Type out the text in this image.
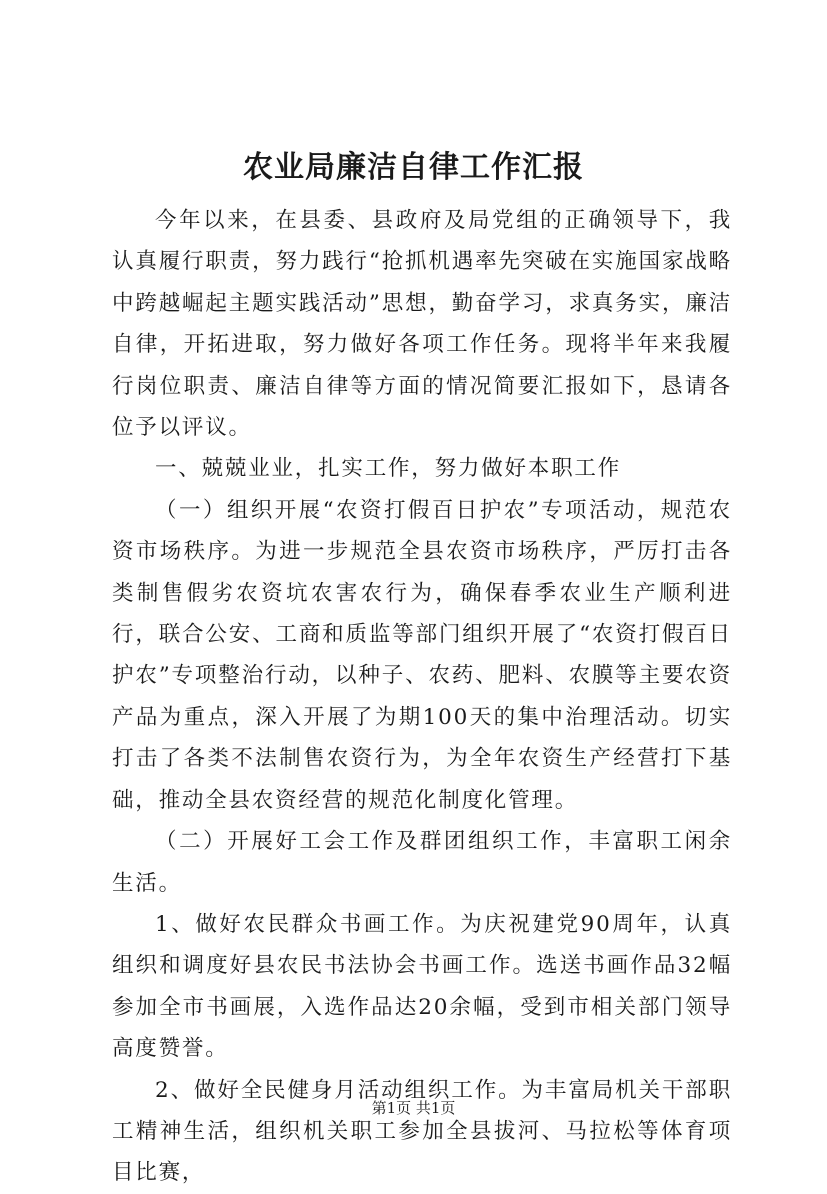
农业局廉洁自律工作汇报

今年以来，在县委、县政府及局党组的正确领导下，我认真履行职责，努力践行“抢抓机遇率先突破在实施国家战略中跨越崛起主题实践活动”思想，勤奋学习，求真务实，廉洁自律，开拓进取，努力做好各项工作任务。现将半年来我履行岗位职责、廉洁自律等方面的情况简要汇报如下，恳请各位予以评议。

一、兢兢业业，扎实工作，努力做好本职工作

（一）组织开展“农资打假百日护农”专项活动，规范农资市场秩序。为进一步规范全县农资市场秩序，严厉打击各类制售假劣农资坑农害农行为，确保春季农业生产顺利进行，联合公安、工商和质监等部门组织开展了“农资打假百日护农”专项整治行动，以种子、农药、肥料、农膜等主要农资产品为重点，深入开展了为期100天的集中治理活动。切实打击了各类不法制售农资行为，为全年农资生产经营打下基础，推动全县农资经营的规范化制度化管理。

（二）开展好工会工作及群团组织工作，丰富职工闲余生活。

1、做好农民群众书画工作。为庆祝建党90周年，认真组织和调度好县农民书法协会书画工作。选送书画作品32幅参加全市书画展，入选作品达20余幅，受到市相关部门领导高度赞誉。

2、做好全民健身月活动组织工作。为丰富局机关干部职工精神生活，组织机关职工参加全县拔河、马拉松等体育项目比赛，

第1页 共1页
